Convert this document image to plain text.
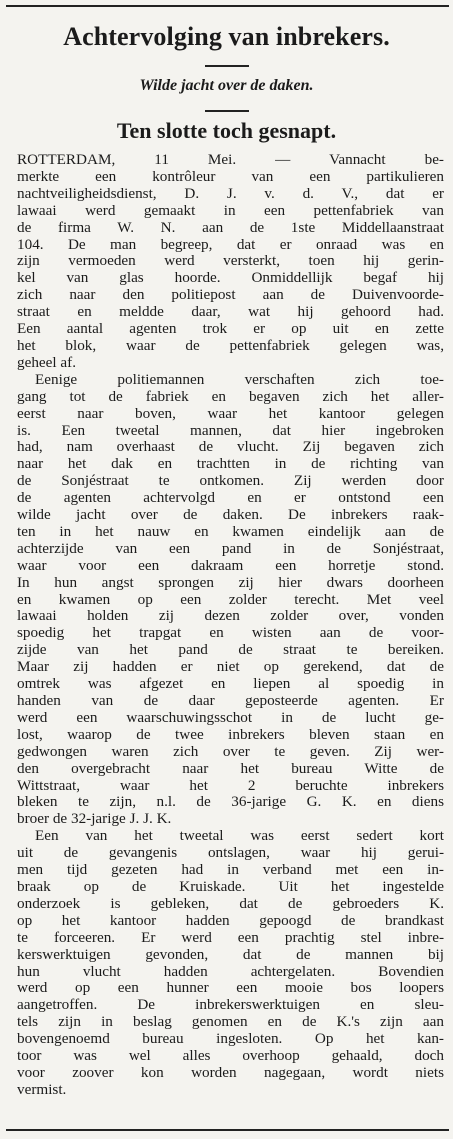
Achtervolging van inbrekers.
Wilde jacht over de daken.
Ten slotte toch gesnapt.
ROTTERDAM, 11 Mei. — Vannacht be-
merkte een kontrôleur van een partikulieren
nachtveiligheidsdienst, D. J. v. d. V., dat er
lawaai werd gemaakt in een pettenfabriek van
de firma W. N. aan de 1ste Middellaanstraat
104. De man begreep, dat er onraad was en
zijn vermoeden werd versterkt, toen hij gerin-
kel van glas hoorde. Onmiddellijk begaf hij
zich naar den politiepost aan de Duivenvoorde-
straat en meldde daar, wat hij gehoord had.
Een aantal agenten trok er op uit en zette
het blok, waar de pettenfabriek gelegen was,
geheel af.
Eenige politiemannen verschaften zich toe-
gang tot de fabriek en begaven zich het aller-
eerst naar boven, waar het kantoor gelegen
is. Een tweetal mannen, dat hier ingebroken
had, nam overhaast de vlucht. Zij begaven zich
naar het dak en trachtten in de richting van
de Sonjéstraat te ontkomen. Zij werden door
de agenten achtervolgd en er ontstond een
wilde jacht over de daken. De inbrekers raak-
ten in het nauw en kwamen eindelijk aan de
achterzijde van een pand in de Sonjéstraat,
waar voor een dakraam een horretje stond.
In hun angst sprongen zij hier dwars doorheen
en kwamen op een zolder terecht. Met veel
lawaai holden zij dezen zolder over, vonden
spoedig het trapgat en wisten aan de voor-
zijde van het pand de straat te bereiken.
Maar zij hadden er niet op gerekend, dat de
omtrek was afgezet en liepen al spoedig in
handen van de daar geposteerde agenten. Er
werd een waarschuwingsschot in de lucht ge-
lost, waarop de twee inbrekers bleven staan en
gedwongen waren zich over te geven. Zij wer-
den overgebracht naar het bureau Witte de
Wittstraat, waar het 2 beruchte inbrekers
bleken te zijn, n.l. de 36-jarige G. K. en diens
broer de 32-jarige J. J. K.
Een van het tweetal was eerst sedert kort
uit de gevangenis ontslagen, waar hij gerui-
men tijd gezeten had in verband met een in-
braak op de Kruiskade. Uit het ingestelde
onderzoek is gebleken, dat de gebroeders K.
op het kantoor hadden gepoogd de brandkast
te forceeren. Er werd een prachtig stel inbre-
kerswerktuigen gevonden, dat de mannen bij
hun vlucht hadden achtergelaten. Bovendien
werd op een hunner een mooie bos loopers
aangetroffen. De inbrekerswerktuigen en sleu-
tels zijn in beslag genomen en de K.'s zijn aan
bovengenoemd bureau ingesloten. Op het kan-
toor was wel alles overhoop gehaald, doch
voor zoover kon worden nagegaan, wordt niets
vermist.
